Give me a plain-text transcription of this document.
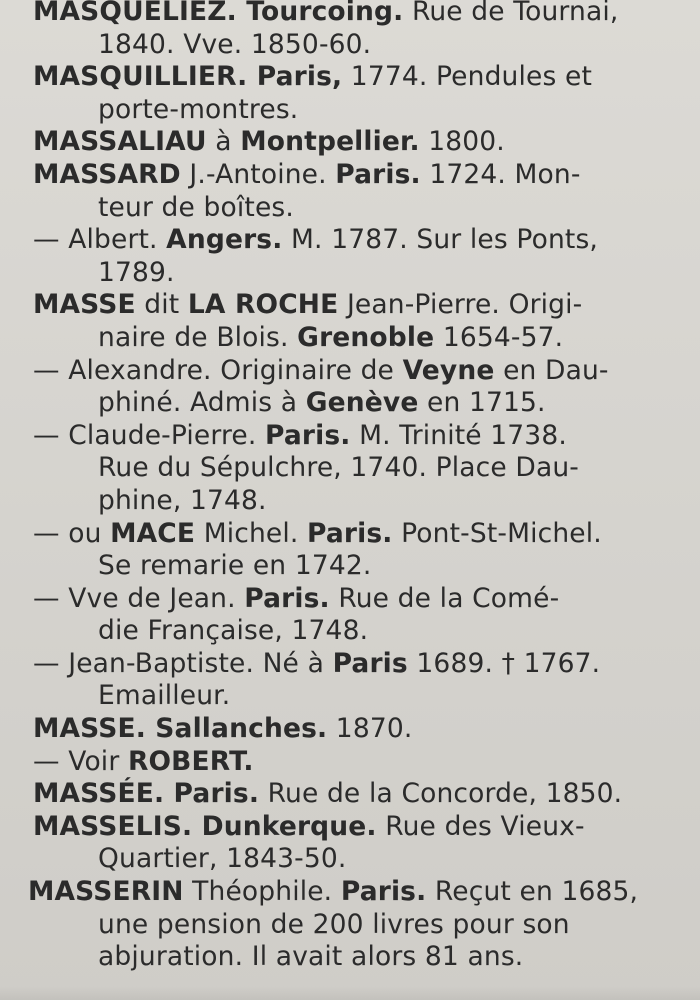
MASQUELIEZ. Tourcoing. Rue de Tournai,
1840. Vve. 1850-60.
MASQUILLIER. Paris, 1774. Pendules et
porte-montres.
MASSALIAU à Montpellier. 1800.
MASSARD J.-Antoine. Paris. 1724. Mon-
teur de boîtes.
— Albert. Angers. M. 1787. Sur les Ponts,
1789.
MASSE dit LA ROCHE Jean-Pierre. Origi-
naire de Blois. Grenoble 1654-57.
— Alexandre. Originaire de Veyne en Dau-
phiné. Admis à Genève en 1715.
— Claude-Pierre. Paris. M. Trinité 1738.
Rue du Sépulchre, 1740. Place Dau-
phine, 1748.
— ou MACE Michel. Paris. Pont-St-Michel.
Se remarie en 1742.
— Vve de Jean. Paris. Rue de la Comé-
die Française, 1748.
— Jean-Baptiste. Né à Paris 1689. † 1767.
Emailleur.
MASSE. Sallanches. 1870.
— Voir ROBERT.
MASSÉE. Paris. Rue de la Concorde, 1850.
MASSELIS. Dunkerque. Rue des Vieux-
Quartier, 1843-50.
MASSERIN Théophile. Paris. Reçut en 1685,
une pension de 200 livres pour son
abjuration. Il avait alors 81 ans.
